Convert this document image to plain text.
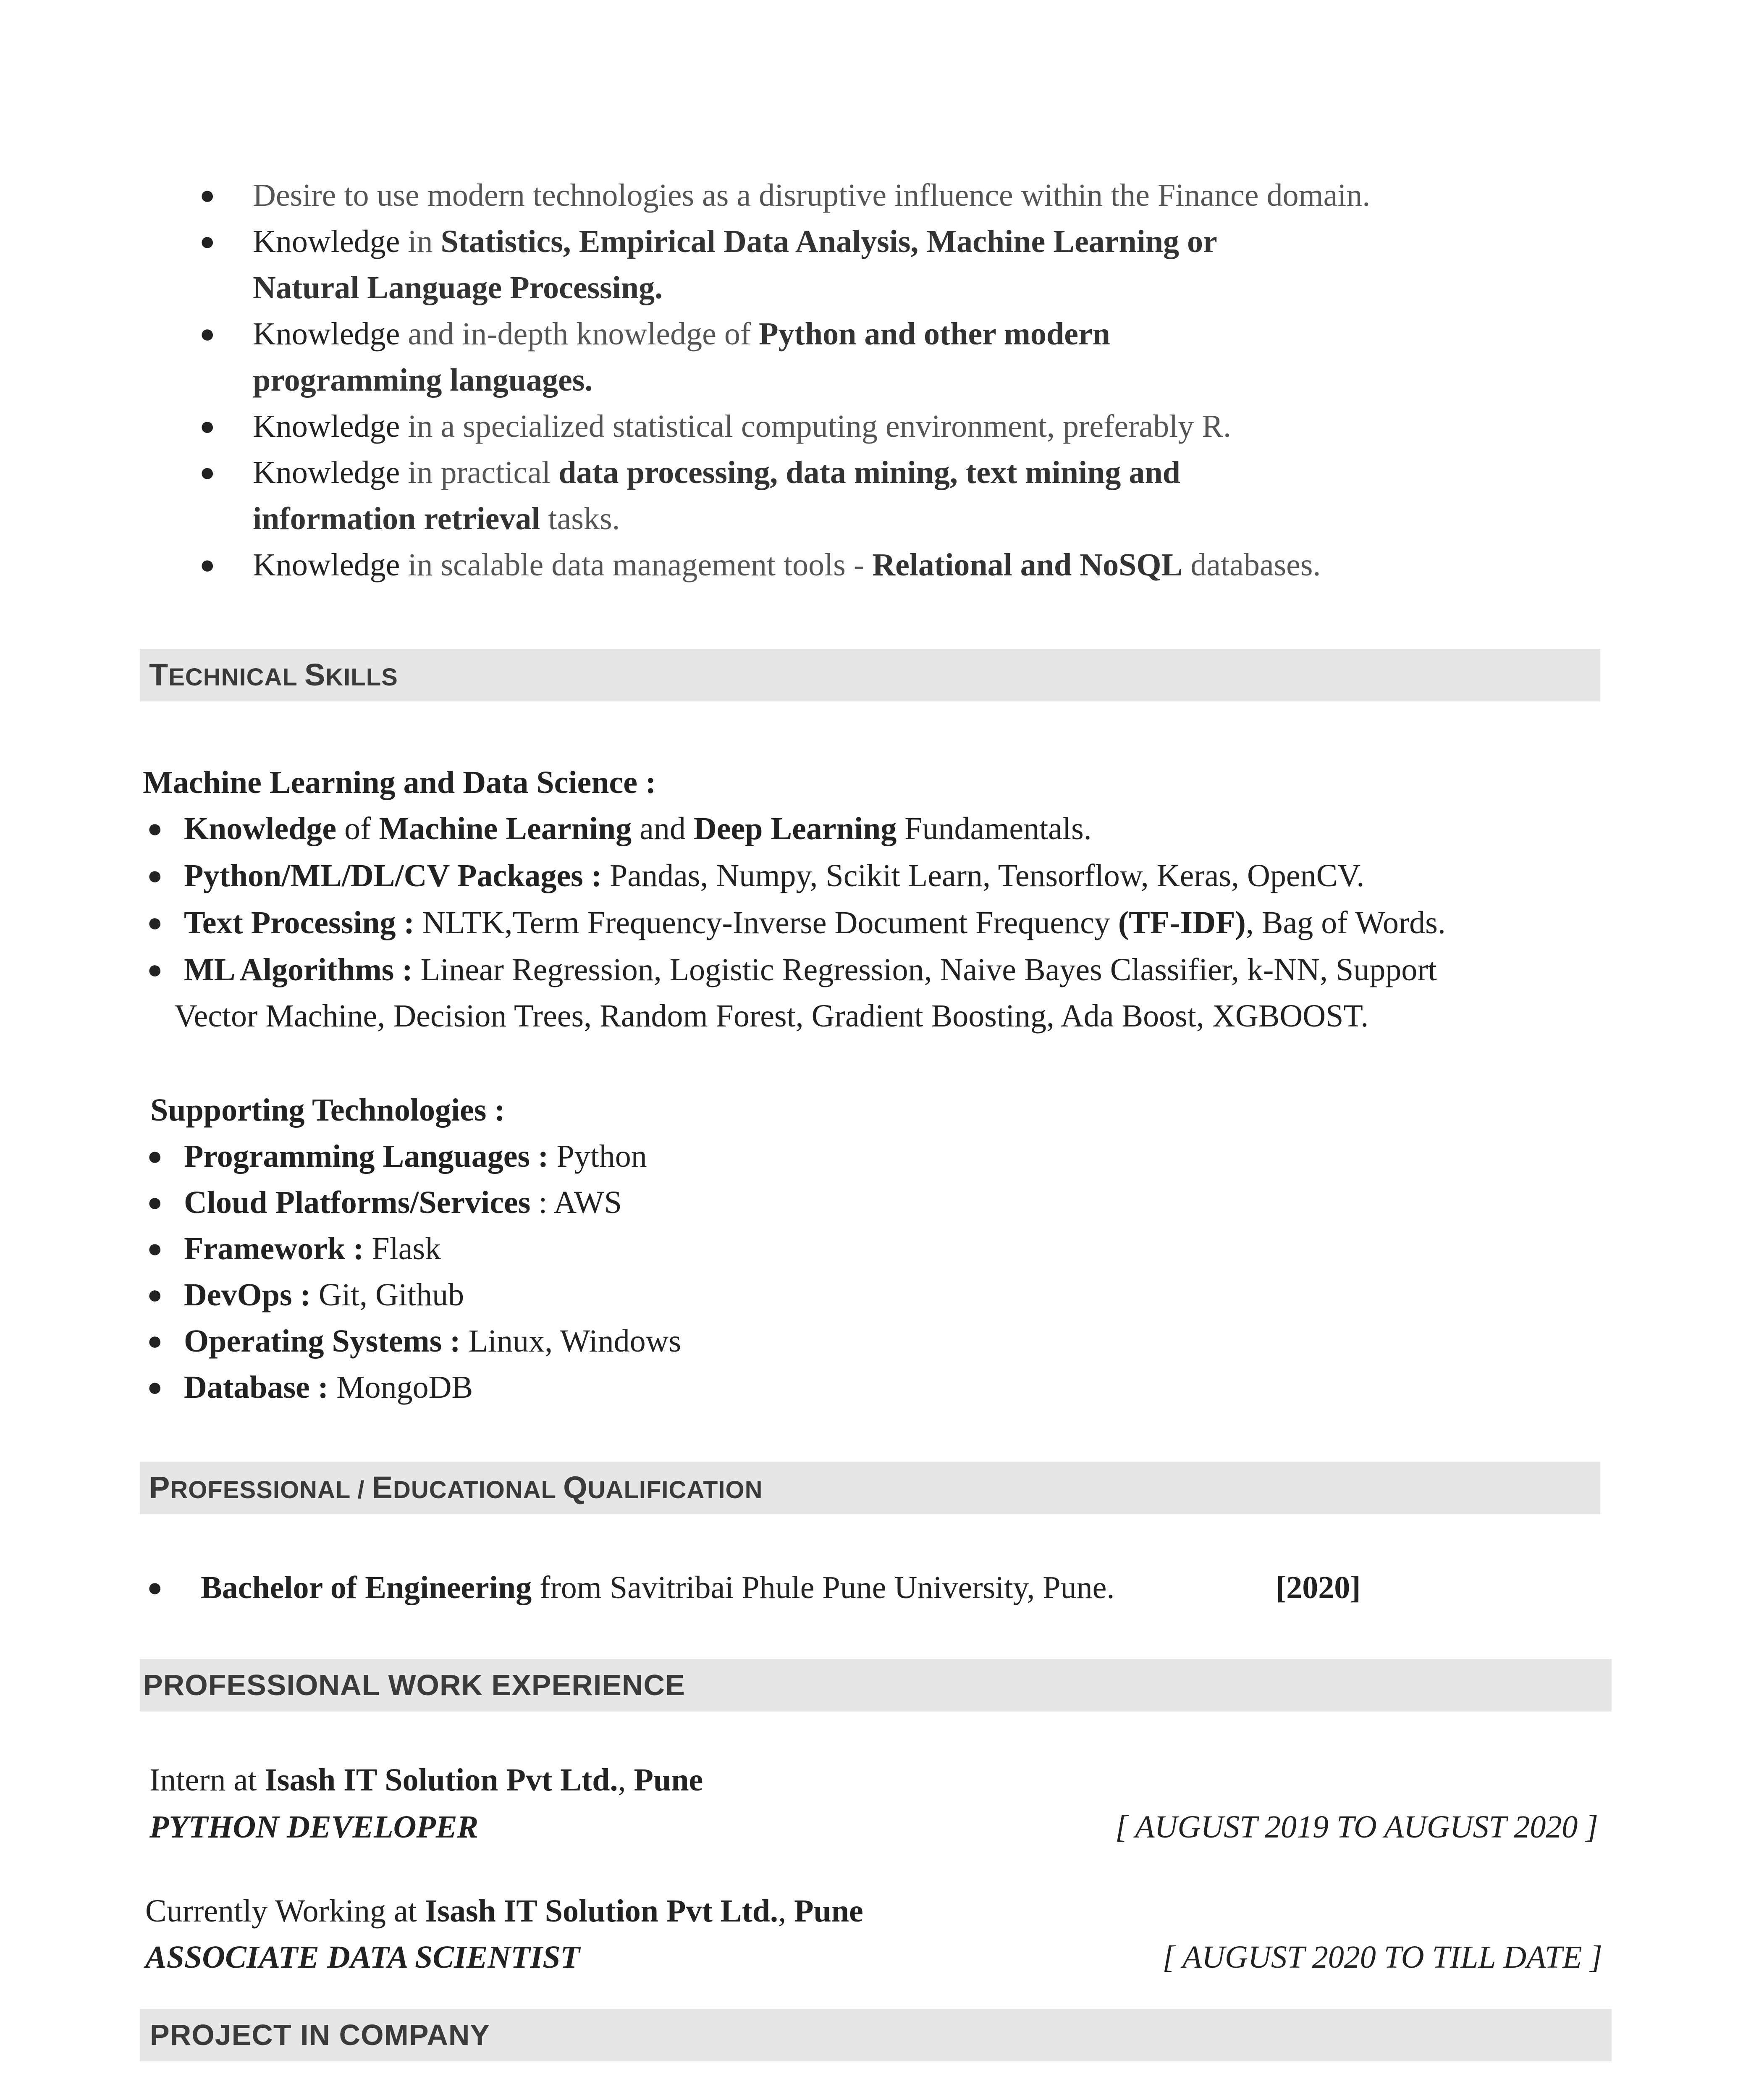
● Desire to use modern technologies as a disruptive influence within the Finance domain.
● Knowledge in Statistics, Empirical Data Analysis, Machine Learning or
Natural Language Processing.
● Knowledge and in-depth knowledge of Python and other modern
programming languages.
● Knowledge in a specialized statistical computing environment, preferably R.
● Knowledge in practical data processing, data mining, text mining and
information retrieval tasks.
● Knowledge in scalable data management tools - Relational and NoSQL databases.
TECHNICAL SKILLS
Machine Learning and Data Science :
● Knowledge of Machine Learning and Deep Learning Fundamentals.
● Python/ML/DL/CV Packages : Pandas, Numpy, Scikit Learn, Tensorflow, Keras, OpenCV.
● Text Processing : NLTK,Term Frequency-Inverse Document Frequency (TF-IDF), Bag of Words.
● ML Algorithms : Linear Regression, Logistic Regression, Naive Bayes Classifier, k-NN, Support
Vector Machine, Decision Trees, Random Forest, Gradient Boosting, Ada Boost, XGBOOST.
Supporting Technologies :
● Programming Languages : Python
● Cloud Platforms/Services : AWS
● Framework : Flask
● DevOps : Git, Github
● Operating Systems : Linux, Windows
● Database : MongoDB
PROFESSIONAL / EDUCATIONAL QUALIFICATION
● Bachelor of Engineering from Savitribai Phule Pune University, Pune.	[2020]
PROFESSIONAL WORK EXPERIENCE
Intern at Isash IT Solution Pvt Ltd., Pune
PYTHON DEVELOPER	[ AUGUST 2019 TO AUGUST 2020 ]
Currently Working at Isash IT Solution Pvt Ltd., Pune
ASSOCIATE DATA SCIENTIST	[ AUGUST 2020 TO TILL DATE ]
PROJECT IN COMPANY
